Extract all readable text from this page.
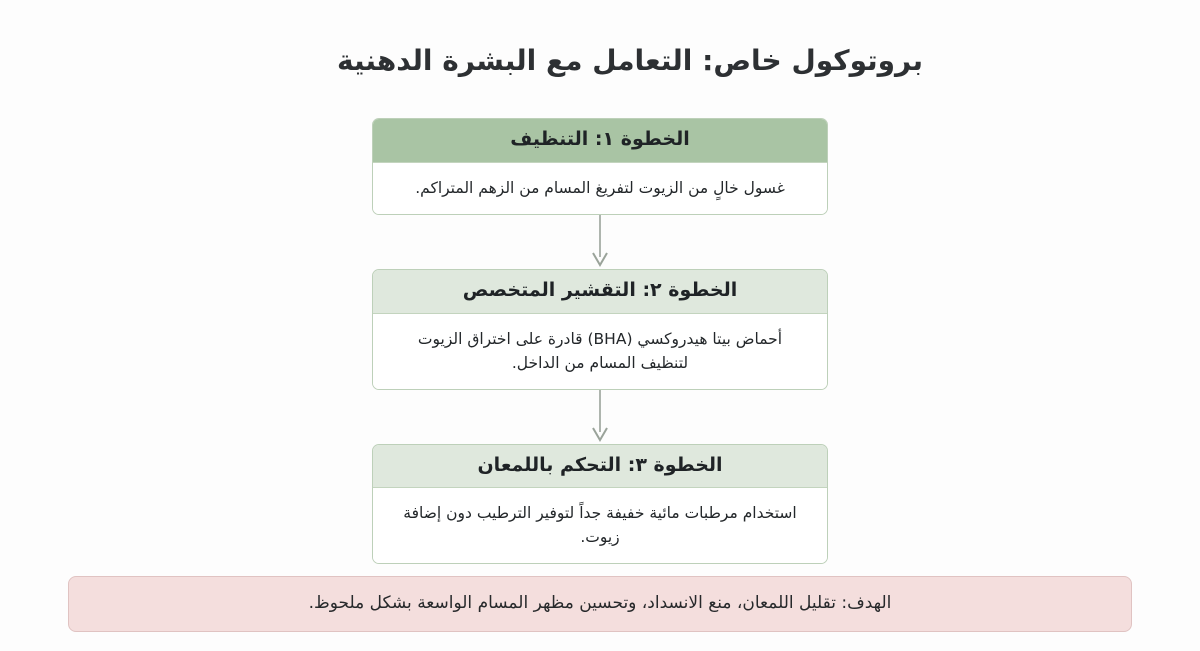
بروتوكول خاص: التعامل مع البشرة الدهنية
الخطوة ١: التنظيف
غسول خالٍ من الزيوت لتفريغ المسام من الزهم المتراكم.
الخطوة ٢: التقشير المتخصص
أحماض بيتا هيدروكسي (BHA) قادرة على اختراق الزيوت لتنظيف المسام من الداخل.
الخطوة ٣: التحكم باللمعان
استخدام مرطبات مائية خفيفة جداً لتوفير الترطيب دون إضافة زيوت.
الهدف: تقليل اللمعان، منع الانسداد، وتحسين مظهر المسام الواسعة بشكل ملحوظ.
